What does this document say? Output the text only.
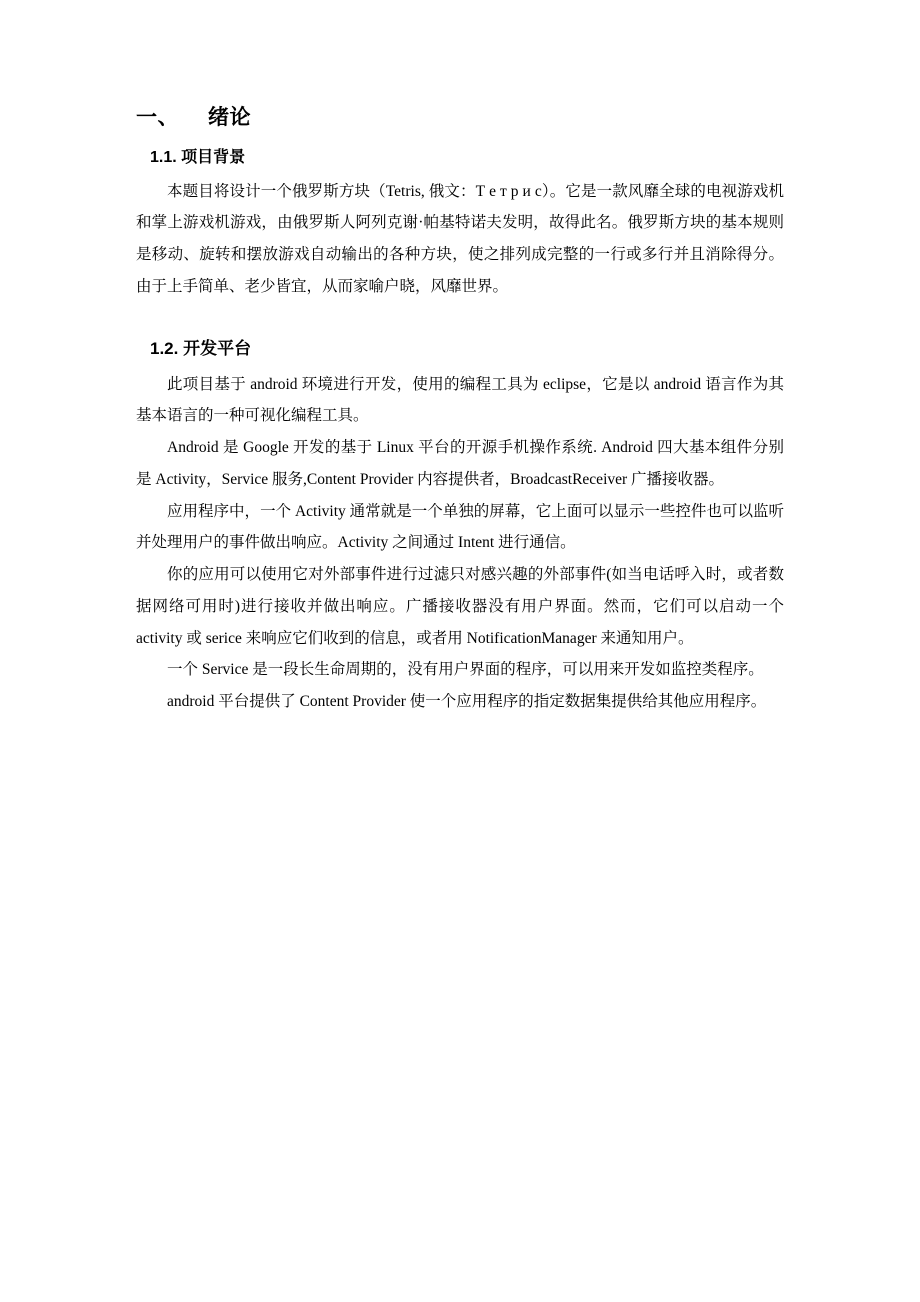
一、 绪论
1.1. 项目背景

本题目将设计一个俄罗斯方块（Tetris, 俄文：Т е т р и с）。它是一款风靡全球的电视游戏机和掌上游戏机游戏，由俄罗斯人阿列克谢·帕基特诺夫发明，故得此名。俄罗斯方块的基本规则是移动、旋转和摆放游戏自动输出的各种方块，使之排列成完整的一行或多行并且消除得分。由于上手简单、老少皆宜，从而家喻户晓，风靡世界。

1.2. 开发平台

此项目基于 android 环境进行开发，使用的编程工具为 eclipse，它是以 android 语言作为其基本语言的一种可视化编程工具。

Android 是 Google 开发的基于 Linux 平台的开源手机操作系统. Android 四大基本组件分别是 Activity，Service 服务,Content Provider 内容提供者，BroadcastReceiver 广播接收器。

应用程序中，一个 Activity 通常就是一个单独的屏幕，它上面可以显示一些控件也可以监听并处理用户的事件做出响应。Activity 之间通过 Intent 进行通信。

你的应用可以使用它对外部事件进行过滤只对感兴趣的外部事件(如当电话呼入时，或者数据网络可用时)进行接收并做出响应。广播接收器没有用户界面。然而，它们可以启动一个 activity 或 serice 来响应它们收到的信息，或者用 NotificationManager 来通知用户。

一个 Service 是一段长生命周期的，没有用户界面的程序，可以用来开发如监控类程序。

android 平台提供了 Content Provider 使一个应用程序的指定数据集提供给其他应用程序。
